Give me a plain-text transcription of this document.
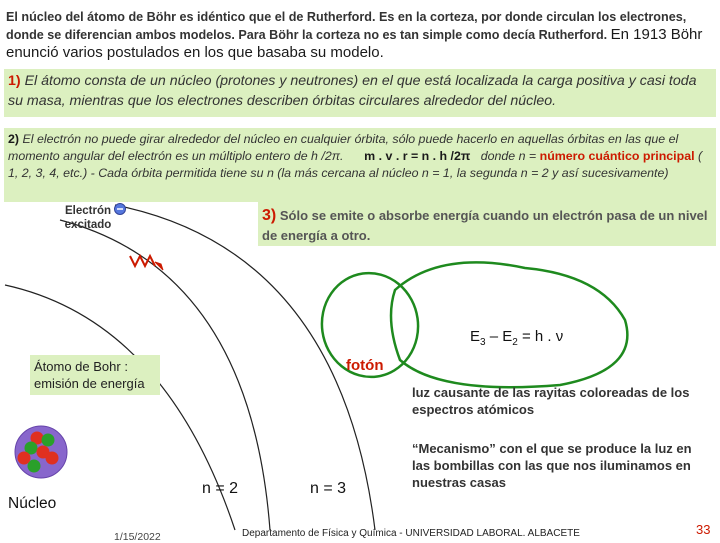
El núcleo del átomo de Böhr es idéntico que el de Rutherford. Es en la corteza, por donde circulan los electrones, donde se diferencian ambos modelos. Para Böhr la corteza no es tan simple como decía Rutherford. En 1913 Böhr enunció varios postulados en los que basaba su modelo.
1) El átomo consta de un núcleo (protones y neutrones) en el que está localizada la carga positiva y casi toda su masa, mientras que los electrones describen órbitas circulares alrededor del núcleo.
2) El electrón no puede girar alrededor del núcleo en cualquier órbita, sólo puede hacerlo en aquellas órbitas en las que el momento angular del electrón es un múltiplo entero de h /2π. m . v . r = n . h /2π donde n = número cuántico principal ( 1, 2, 3, 4, etc.) - Cada órbita permitida tiene su n (la más cercana al núcleo n = 1, la segunda n = 2 y así sucesivamente)
Electrón
excitado
3) Sólo se emite o absorbe energía cuando un electrón pasa de un nivel de energía a otro.
$E_3 - E_2 = h$ . ν
Átomo de Bohr : emisión de energía
fotón
luz causante de las rayitas coloreadas de los espectros atómicos
“Mecanismo” con el que se produce la luz en las bombillas con las que nos iluminamos en nuestras casas
n = 2	n = 3
Núcleo
1/15/2022	Departamento de Física y Química - UNIVERSIDAD LABORAL. ALBACETE	33
